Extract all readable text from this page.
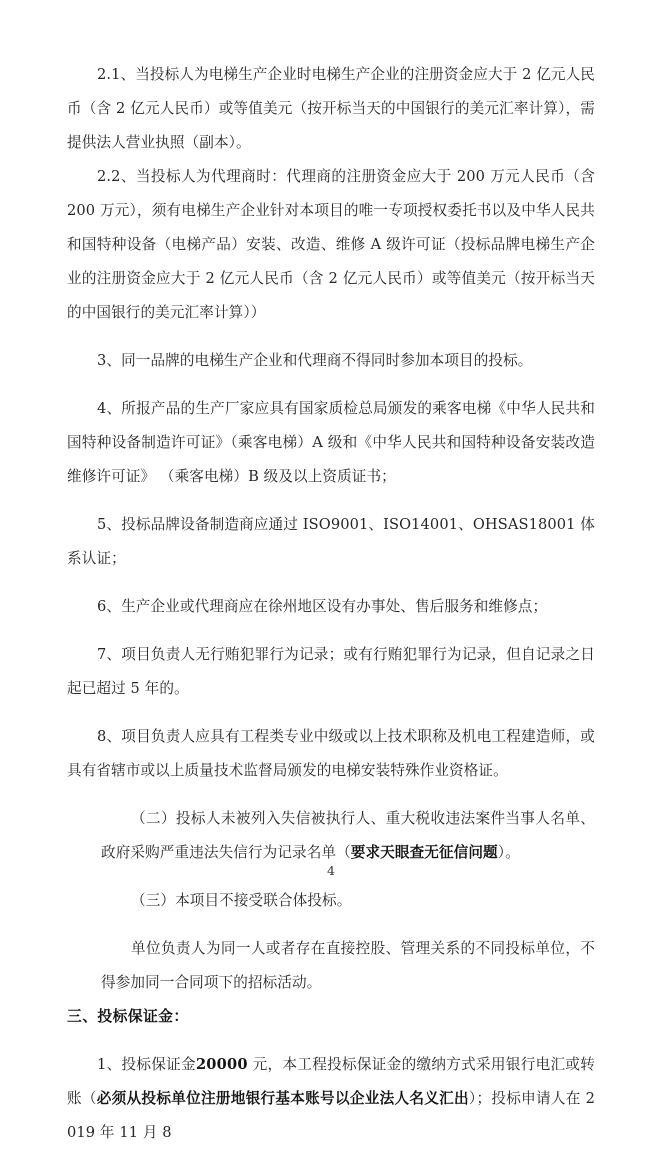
2.1、当投标人为电梯生产企业时电梯生产企业的注册资金应大于 2 亿元人民币（含 2 亿元人民币）或等值美元（按开标当天的中国银行的美元汇率计算），需提供法人营业执照（副本）。

2.2、当投标人为代理商时：代理商的注册资金应大于 200 万元人民币（含 200 万元），须有电梯生产企业针对本项目的唯一专项授权委托书以及中华人民共和国特种设备（电梯产品）安装、改造、维修 A 级许可证（投标品牌电梯生产企业的注册资金应大于 2 亿元人民币（含 2 亿元人民币）或等值美元（按开标当天的中国银行的美元汇率计算））

3、同一品牌的电梯生产企业和代理商不得同时参加本项目的投标。

4、所报产品的生产厂家应具有国家质检总局颁发的乘客电梯《中华人民共和国特种设备制造许可证》（乘客电梯）A 级和《中华人民共和国特种设备安装改造维修许可证》 （乘客电梯）B 级及以上资质证书；

5、投标品牌设备制造商应通过 ISO9001、ISO14001、OHSAS18001 体系认证；

6、生产企业或代理商应在徐州地区设有办事处、售后服务和维修点；

7、项目负责人无行贿犯罪行为记录；或有行贿犯罪行为记录，但自记录之日起已超过 5 年的。

8、项目负责人应具有工程类专业中级或以上技术职称及机电工程建造师，或具有省辖市或以上质量技术监督局颁发的电梯安装特殊作业资格证。

（二）投标人未被列入失信被执行人、重大税收违法案件当事人名单、政府采购严重违法失信行为记录名单（要求天眼查无征信问题）。

（三）本项目不接受联合体投标。

单位负责人为同一人或者存在直接控股、管理关系的不同投标单位，不得参加同一合同项下的招标活动。

三、投标保证金：

1、投标保证金20000 元，本工程投标保证金的缴纳方式采用银行电汇或转账（必须从投标单位注册地银行基本账号以企业法人名义汇出）；投标申请人在 2019 年 11 月 8

4
